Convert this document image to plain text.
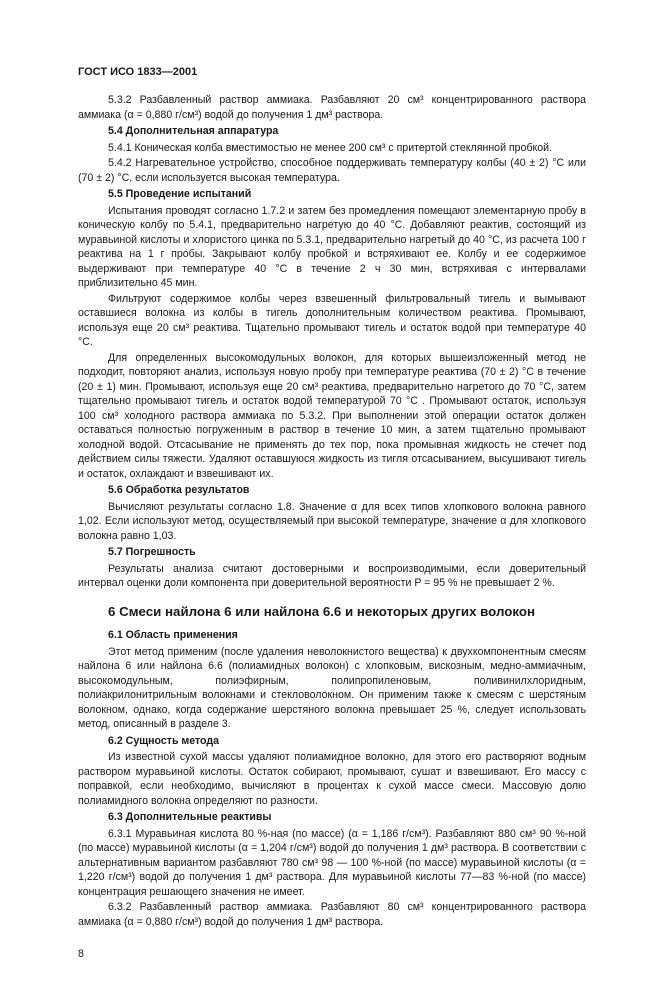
ГОСТ ИСО 1833—2001

5.3.2 Разбавленный раствор аммиака. Разбавляют 20 см³ концентрированного раствора аммиака (α = 0,880 г/см³) водой до получения 1 дм³ раствора.

5.4 Дополнительная аппаратура

5.4.1 Коническая колба вместимостью не менее 200 см³ с притертой стеклянной пробкой.

5.4.2 Нагревательное устройство, способное поддерживать температуру колбы (40 ± 2) °С или (70 ± 2) °С, если используется высокая температура.

5.5 Проведение испытаний

Испытания проводят согласно 1.7.2 и затем без промедления помещают элементарную пробу в коническую колбу по 5.4.1, предварительно нагретую до 40 °С. Добавляют реактив, состоящий из муравьиной кислоты и хлористого цинка по 5.3.1, предварительно нагретый до 40 °С, из расчета 100 г реактива на 1 г пробы. Закрывают колбу пробкой и встряхивают ее. Колбу и ее содержимое выдерживают при температуре 40 °С в течение 2 ч 30 мин, встряхивая с интервалами приблизительно 45 мин.

Фильтруют содержимое колбы через взвешенный фильтровальный тигель и вымывают оставшиеся волокна из колбы в тигель дополнительным количеством реактива. Промывают, используя еще 20 см³ реактива. Тщательно промывают тигель и остаток водой при температуре 40 °С.

Для определенных высокомодульных волокон, для которых вышеизложенный метод не подходит, повторяют анализ, используя новую пробу при температуре реактива (70 ± 2) °С в течение (20 ± 1) мин. Промывают, используя еще 20 см³ реактива, предварительно нагретого до 70 °С, затем тщательно промывают тигель и остаток водой температурой 70 °С . Промывают остаток, используя 100 см³ холодного раствора аммиака по 5.3.2. При выполнении этой операции остаток должен оставаться полностью погруженным в раствор в течение 10 мин, а затем тщательно промывают холодной водой. Отсасывание не применять до тех пор, пока промывная жидкость не стечет под действием силы тяжести. Удаляют оставшуюся жидкость из тигля отсасыванием, высушивают тигель и остаток, охлаждают и взвешивают их.

5.6 Обработка результатов

Вычисляют результаты согласно 1.8. Значение α для всех типов хлопкового волокна равного 1,02. Если используют метод, осуществляемый при высокой температуре, значение α для хлопкового волокна равно 1,03.

5.7 Погрешность

Результаты анализа считают достоверными и воспроизводимыми, если доверительный интервал оценки доли компонента при доверительной вероятности P = 95 % не превышает 2 %.

6 Смеси найлона 6 или найлона 6.6 и некоторых других волокон
6.1 Область применения

Этот метод применим (после удаления неволокнистого вещества) к двухкомпонентным смесям найлона 6 или найлона 6.6 (полиамидных волокон) с хлопковым, вискозным, медно-аммиачным, высокомодульным, полиэфирным, полипропиленовым, поливинилхлоридным, полиакрилонитрильным волокнами и стекловолокном. Он применим также к смесям с шерстяным волокном, однако, когда содержание шерстяного волокна превышает 25 %, следует использовать метод, описанный в разделе 3.

6.2 Сущность метода

Из известной сухой массы удаляют полиамидное волокно, для этого его растворяют водным раствором муравьиной кислоты. Остаток собирают, промывают, сушат и взвешивают. Его массу с поправкой, если необходимо, вычисляют в процентах к сухой массе смеси. Массовую долю полиамидного волокна определяют по разности.

6.3 Дополнительные реактивы

6.3.1 Муравьиная кислота 80 %-ная (по массе) (α = 1,186 г/см³). Разбавляют 880 см³ 90 %-ной (по массе) муравьиной кислоты (α = 1,204 г/см³) водой до получения 1 дм³ раствора. В соответствии с альтернативным вариантом разбавляют 780 см³ 98 — 100 %-ной (по массе) муравьиной кислоты (α = 1,220 г/см³) водой до получения 1 дм³ раствора. Для муравьиной кислоты 77—83 %-ной (по массе) концентрация решающего значения не имеет.

6.3.2 Разбавленный раствор аммиака. Разбавляют 80 см³ концентрированного раствора аммиака (α = 0,880 г/см³) водой до получения 1 дм³ раствора.

8
